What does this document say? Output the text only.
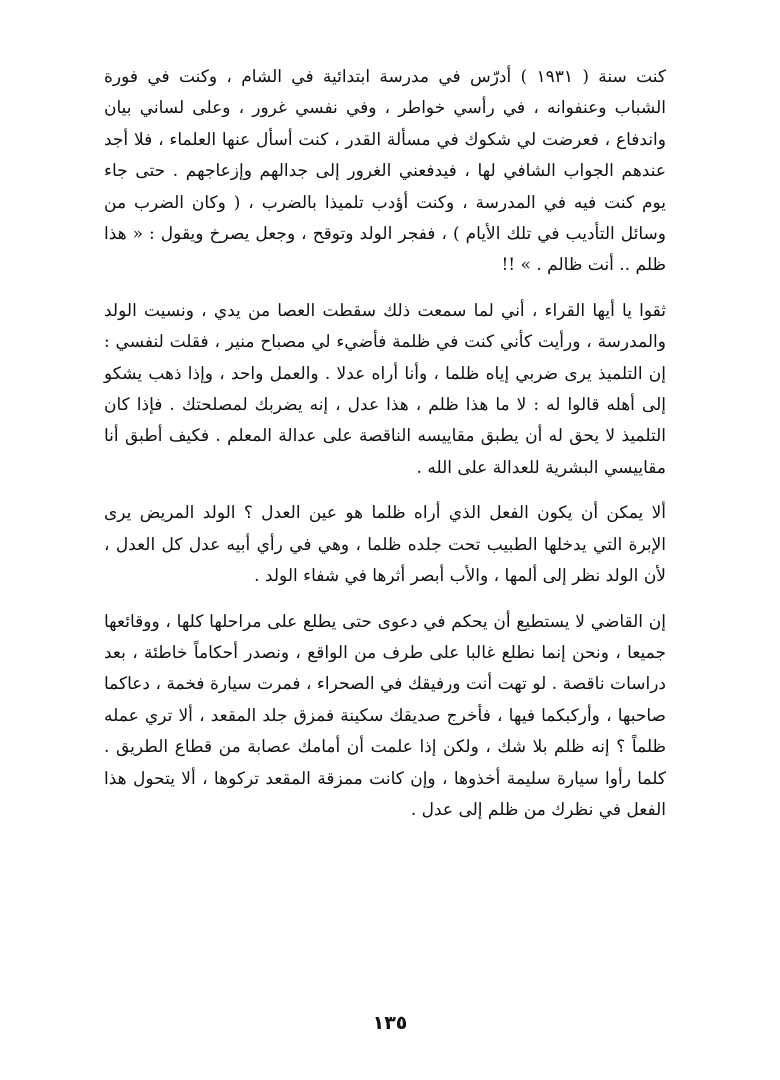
كنت سنة ( ١٩٣١ ) أدرّس في مدرسة ابتدائية في الشام ، وكنت في فورة الشباب وعنفوانه ، في رأسي خواطر ، وفي نفسي غرور ، وعلى لساني بيان واندفاع ، فعرضت لي شكوك في مسألة القدر ، كنت أسأل عنها العلماء ، فلا أجد عندهم الجواب الشافي لها ، فيدفعني الغرور إلى جدالهم وإزعاجهم . حتى جاء يوم كنت فيه في المدرسة ، وكنت أؤدب تلميذا بالضرب ، ( وكان الضرب من وسائل التأديب في تلك الأيام ) ، ففجر الولد وتوقح ، وجعل يصرخ ويقول : « هذا ظلم .. أنت ظالم . » !!

ثقوا يا أيها القراء ، أني لما سمعت ذلك سقطت العصا من يدي ، ونسيت الولد والمدرسة ، ورأيت كأني كنت في ظلمة فأضيء لي مصباح منير ، فقلت لنفسي : إن التلميذ يرى ضربي إياه ظلما ، وأنا أراه عدلا . والعمل واحد ، وإذا ذهب يشكو إلى أهله قالوا له : لا ما هذا ظلم ، هذا عدل ، إنه يضربك لمصلحتك . فإذا كان التلميذ لا يحق له أن يطبق مقاييسه الناقصة على عدالة المعلم . فكيف أطبق أنا مقاييسي البشرية للعدالة على الله .

ألا يمكن أن يكون الفعل الذي أراه ظلما هو عين العدل ؟ الولد المريض يرى الإبرة التي يدخلها الطبيب تحت جلده ظلما ، وهي في رأي أبيه عدل كل العدل ، لأن الولد نظر إلى ألمها ، والأب أبصر أثرها في شفاء الولد .

إن القاضي لا يستطيع أن يحكم في دعوى حتى يطلع على مراحلها كلها ، ووقائعها جميعا ، ونحن إنما نطلع غالبا على طرف من الواقع ، ونصدر أحكاماً خاطئة ، بعد دراسات ناقصة . لو تهت أنت ورفيقك في الصحراء ، فمرت سيارة فخمة ، دعاكما صاحبها ، وأركبكما فيها ، فأخرج صديقك سكينة فمزق جلد المقعد ، ألا تري عمله ظلماً ؟ إنه ظلم بلا شك ، ولكن إذا علمت أن أمامك عصابة من قطاع الطريق . كلما رأوا سيارة سليمة أخذوها ، وإن كانت ممزقة المقعد تركوها ، ألا يتحول هذا الفعل في نظرك من ظلم إلى عدل .

١٣٥
